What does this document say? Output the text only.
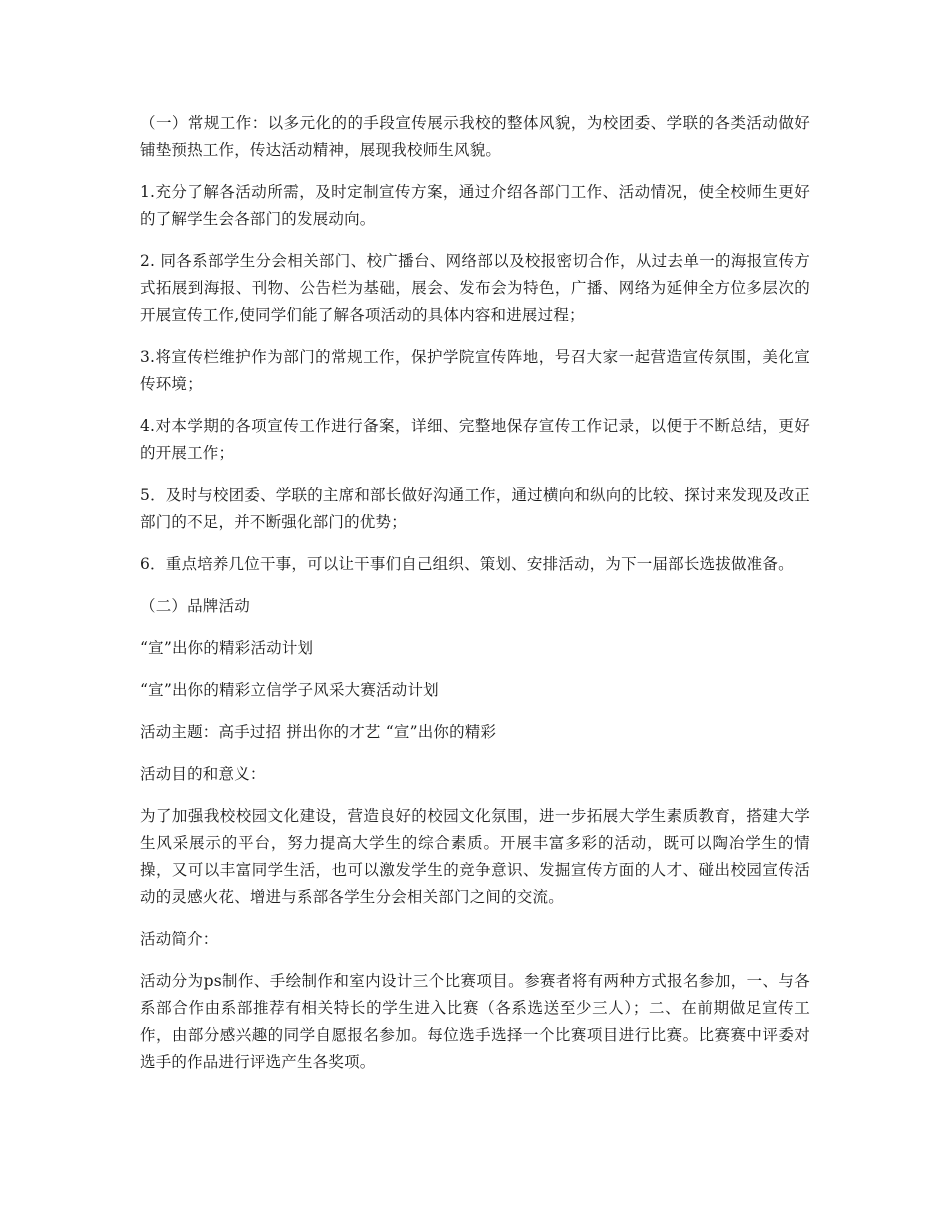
（一）常规工作：以多元化的的手段宣传展示我校的整体风貌，为校团委、学联的各类活动做好铺垫预热工作，传达活动精神，展现我校师生风貌。

1.充分了解各活动所需，及时定制宣传方案，通过介绍各部门工作、活动情况，使全校师生更好的了解学生会各部门的发展动向。

2. 同各系部学生分会相关部门、校广播台、网络部以及校报密切合作，从过去单一的海报宣传方式拓展到海报、刊物、公告栏为基础，展会、发布会为特色，广播、网络为延伸全方位多层次的开展宣传工作,使同学们能了解各项活动的具体内容和进展过程；

3.将宣传栏维护作为部门的常规工作，保护学院宣传阵地，号召大家一起营造宣传氛围，美化宣传环境；

4.对本学期的各项宣传工作进行备案，详细、完整地保存宣传工作记录，以便于不断总结，更好的开展工作；

5．及时与校团委、学联的主席和部长做好沟通工作，通过横向和纵向的比较、探讨来发现及改正部门的不足，并不断强化部门的优势；

6．重点培养几位干事，可以让干事们自己组织、策划、安排活动，为下一届部长选拔做准备。

（二）品牌活动

“宣”出你的精彩活动计划

“宣”出你的精彩立信学子风采大赛活动计划

活动主题：高手过招 拼出你的才艺 “宣”出你的精彩

活动目的和意义：

为了加强我校校园文化建设，营造良好的校园文化氛围，进一步拓展大学生素质教育，搭建大学生风采展示的平台，努力提高大学生的综合素质。开展丰富多彩的活动，既可以陶冶学生的情操，又可以丰富同学生活，也可以激发学生的竞争意识、发掘宣传方面的人才、碰出校园宣传活动的灵感火花、增进与系部各学生分会相关部门之间的交流。

活动简介：

活动分为ps制作、手绘制作和室内设计三个比赛项目。参赛者将有两种方式报名参加，一、与各系部合作由系部推荐有相关特长的学生进入比赛（各系选送至少三人）；二、在前期做足宣传工作，由部分感兴趣的同学自愿报名参加。每位选手选择一个比赛项目进行比赛。比赛赛中评委对选手的作品进行评选产生各奖项。
